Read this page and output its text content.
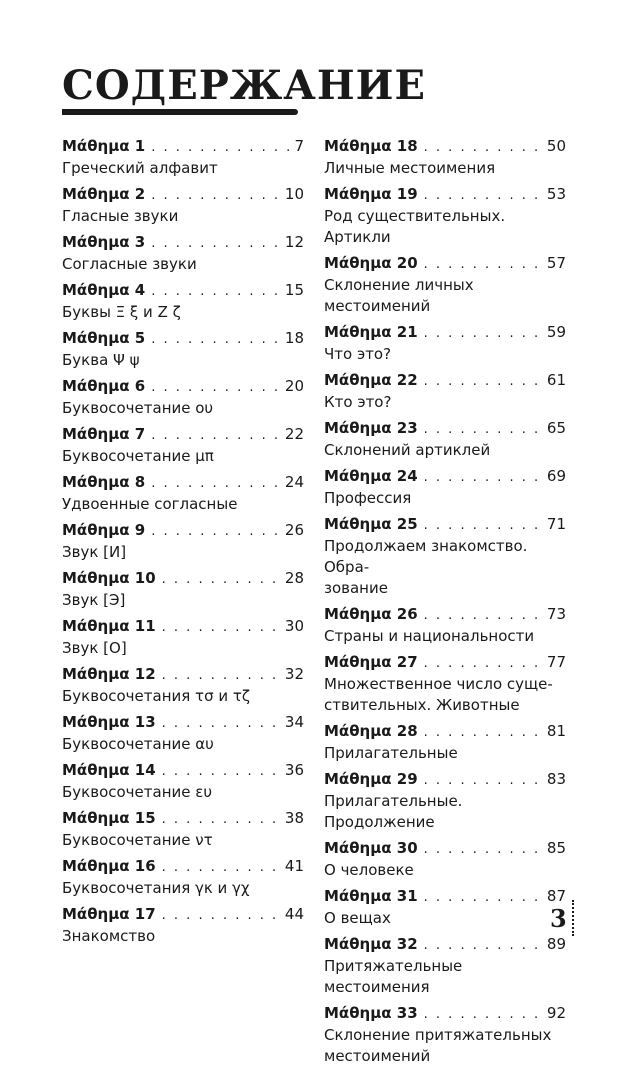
СОДЕРЖАНИЕ
Μάθημα 1 . . .	7
Греческий алфавит
Μάθημα 2 . . .	10
Гласные звуки
Μάθημα 3 . . .	12
Согласные звуки
Μάθημα 4 . . .	15
Буквы Ξ ξ и Ζ ζ
Μάθημα 5 . . .	18
Буква Ψ ψ
Μάθημα 6 . . .	20
Буквосочетание ου
Μάθημα 7 . . .	22
Буквосочетание μπ
Μάθημα 8 . . .	24
Удвоенные согласные
Μάθημα 9 . . .	26
Звук [И]
Μάθημα 10 . . .	28
Звук [Э]
Μάθημα 11 . . .	30
Звук [О]
Μάθημα 12 . . .	32
Буквосочетания τσ и τζ
Μάθημα 13 . . .	34
Буквосочетание αυ
Μάθημα 14 . . .	36
Буквосочетание ευ
Μάθημα 15 . . .	38
Буквосочетание ντ
Μάθημα 16 . . .	41
Буквосочетания γκ и γχ
Μάθημα 17 . . .	44
Знакомство
Μάθημα 18 . . .	50
Личные местоимения
Μάθημα 19 . . .	53
Род существительных. Артикли
Μάθημα 20 . . .	57
Склонение личных местоимений
Μάθημα 21 . . .	59
Что это?
Μάθημα 22 . . .	61
Кто это?
Μάθημα 23 . . .	65
Склонений артиклей
Μάθημα 24 . . .	69
Профессия
Μάθημα 25 . . .	71
Продолжаем знакомство. Обра-
зование
Μάθημα 26 . . .	73
Страны и национальности
Μάθημα 27 . . .	77
Множественное число суще-
ствительных. Животные
Μάθημα 28 . . .	81
Прилагательные
Μάθημα 29 . . .	83
Прилагательные. Продолжение
Μάθημα 30 . . .	85
О человеке
Μάθημα 31 . . .	87
О вещах
Μάθημα 32 . . .	89
Притяжательные местоимения
Μάθημα 33 . . .	92
Склонение притяжательных
местоимений
3
